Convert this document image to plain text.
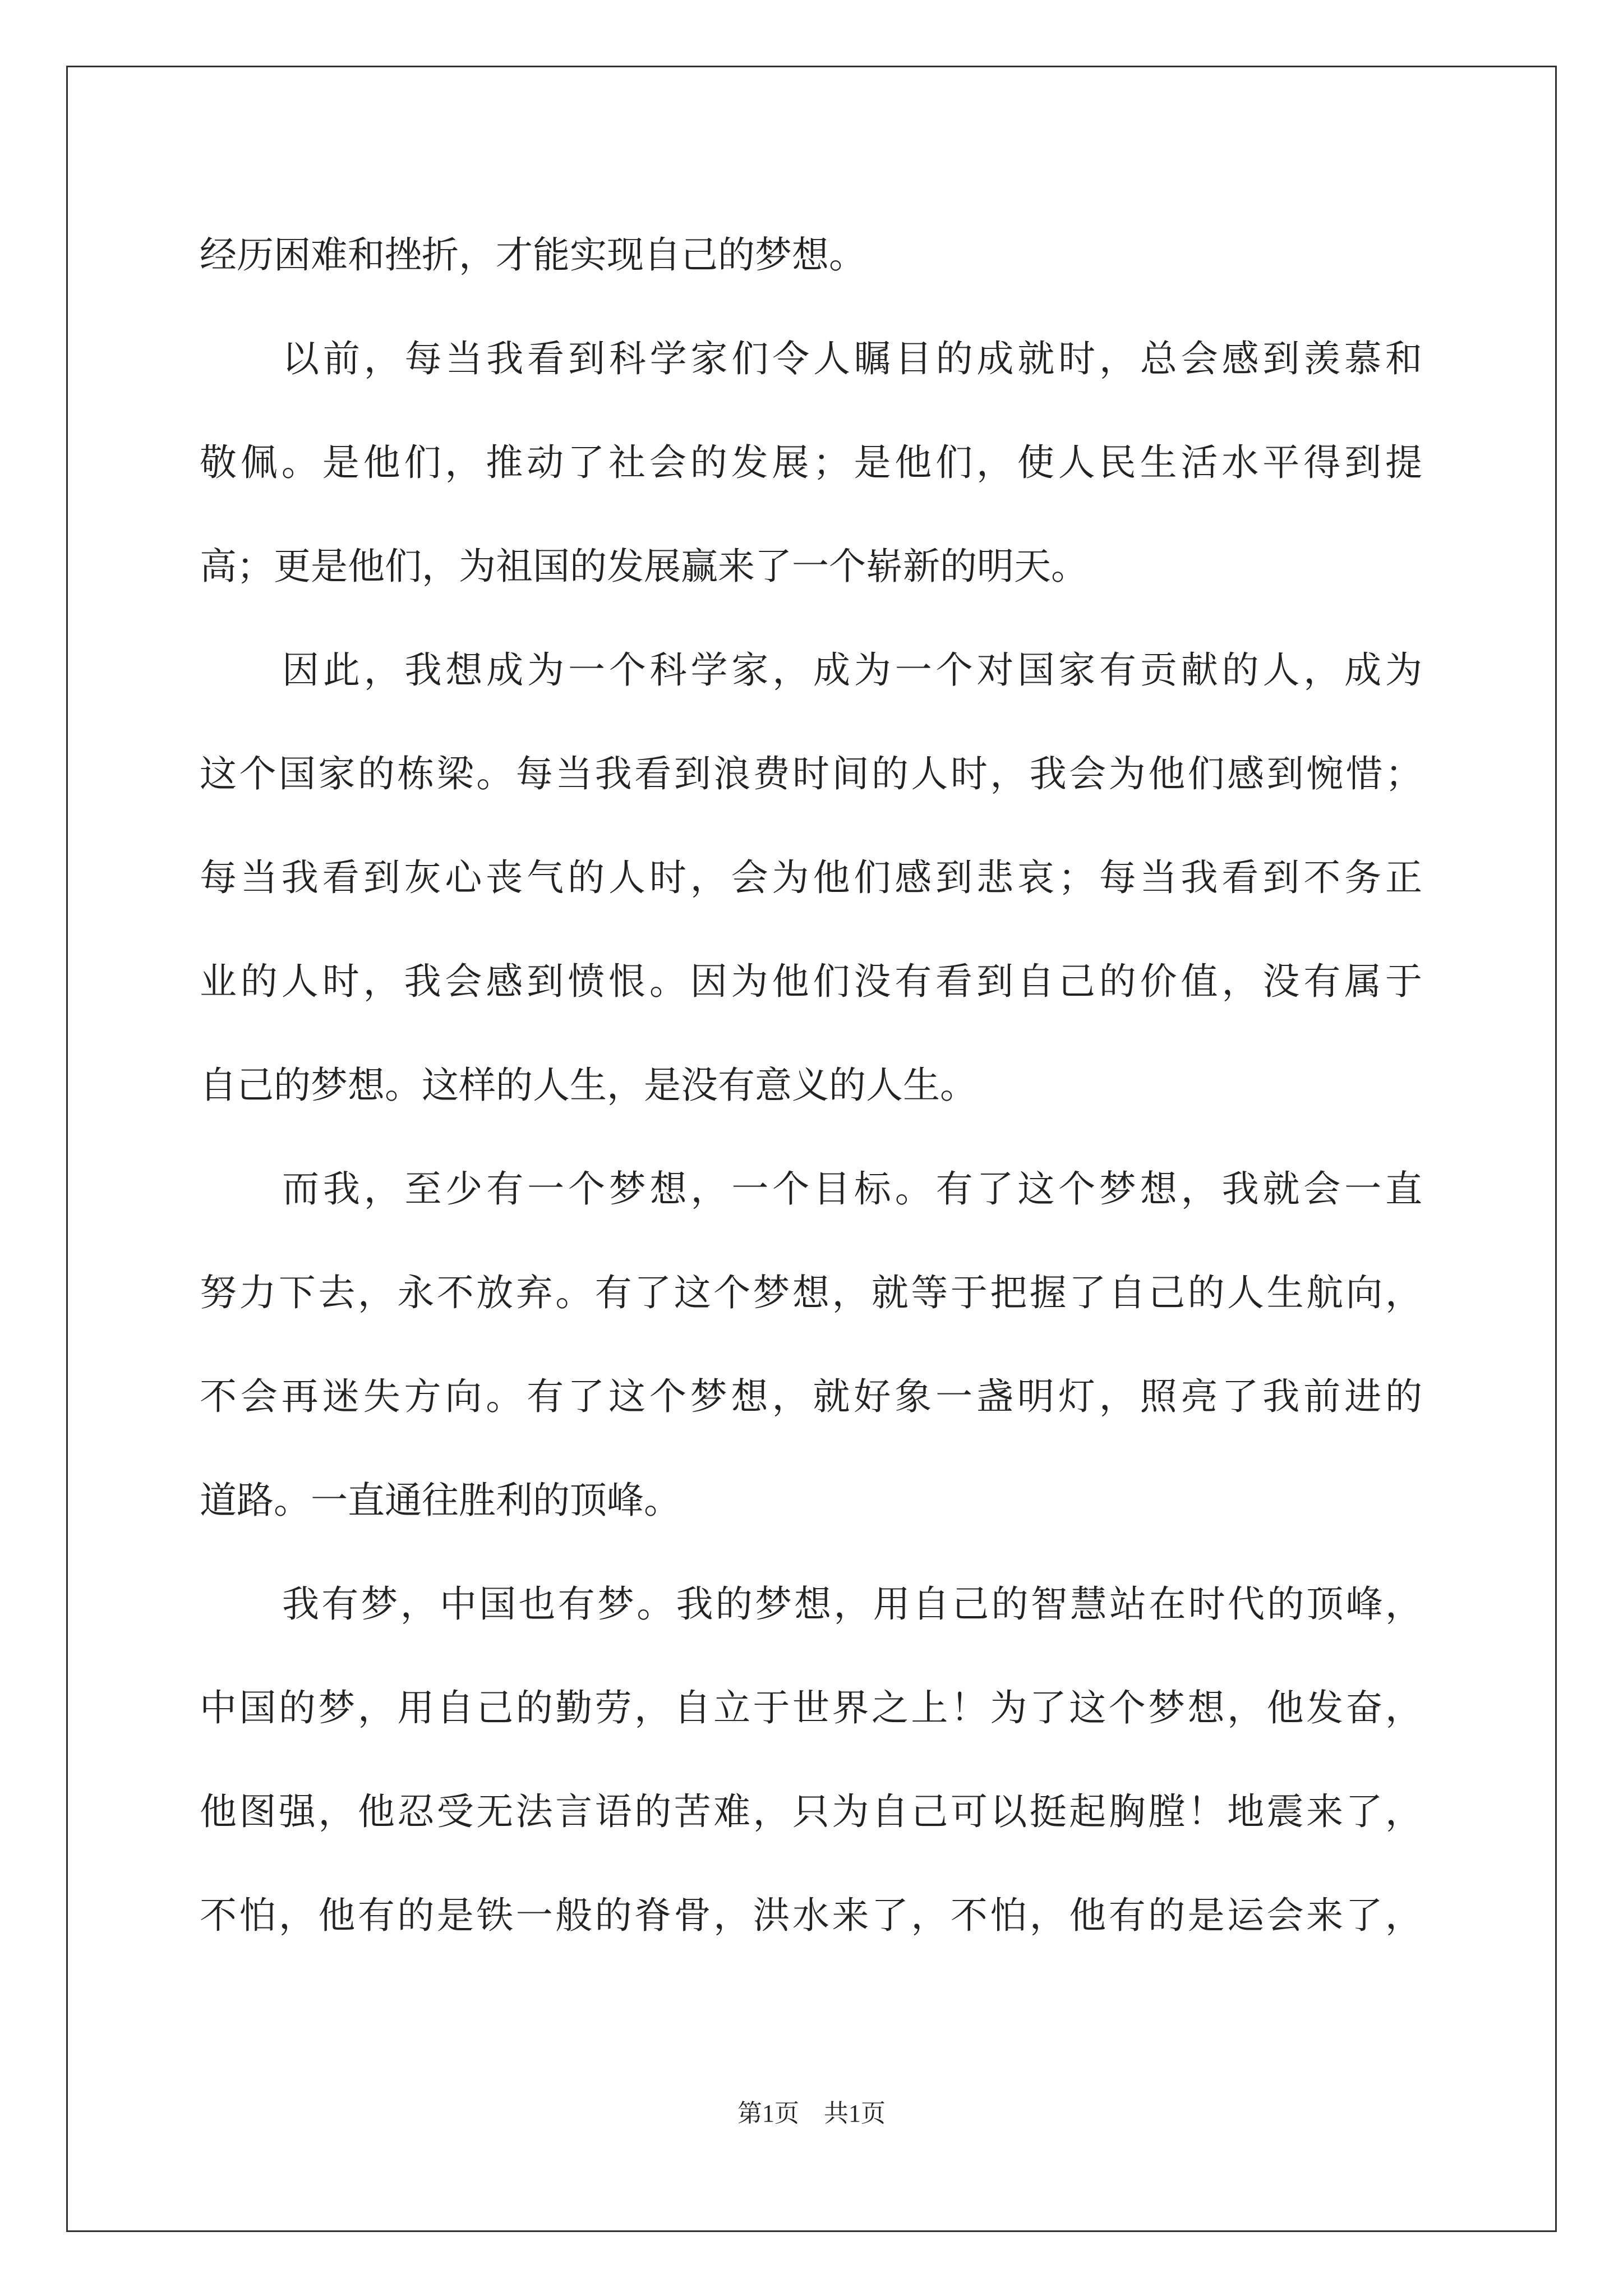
经历困难和挫折，才能实现自己的梦想。
以前，每当我看到科学家们令人瞩目的成就时，总会感到羡慕和
敬佩。是他们，推动了社会的发展；是他们，使人民生活水平得到提
高；更是他们，为祖国的发展赢来了一个崭新的明天。
因此，我想成为一个科学家，成为一个对国家有贡献的人，成为
这个国家的栋梁。每当我看到浪费时间的人时，我会为他们感到惋惜；
每当我看到灰心丧气的人时，会为他们感到悲哀；每当我看到不务正
业的人时，我会感到愤恨。因为他们没有看到自己的价值，没有属于
自己的梦想。这样的人生，是没有意义的人生。
而我，至少有一个梦想，一个目标。有了这个梦想，我就会一直
努力下去，永不放弃。有了这个梦想，就等于把握了自己的人生航向，
不会再迷失方向。有了这个梦想，就好象一盏明灯，照亮了我前进的
道路。一直通往胜利的顶峰。
我有梦，中国也有梦。我的梦想，用自己的智慧站在时代的顶峰，
中国的梦，用自己的勤劳，自立于世界之上！为了这个梦想，他发奋，
他图强，他忍受无法言语的苦难，只为自己可以挺起胸膛！地震来了，
不怕，他有的是铁一般的脊骨，洪水来了，不怕，他有的是运会来了，
第1页　共1页
